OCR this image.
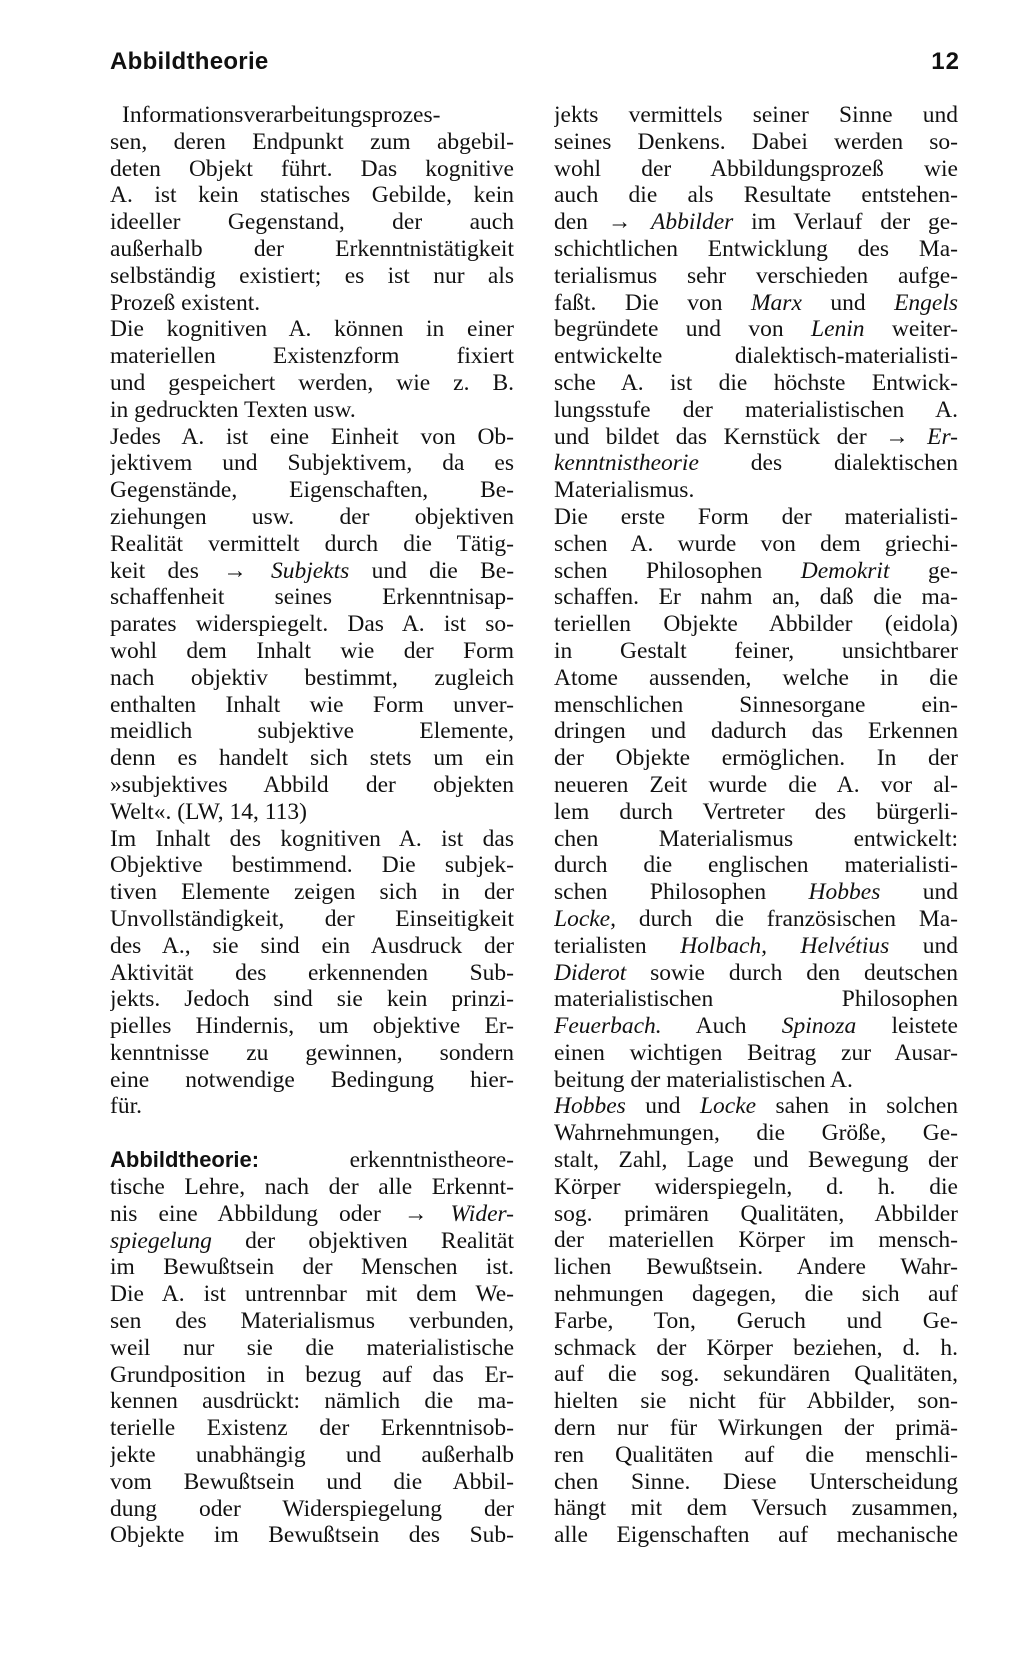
Abbildtheorie	12
Informationsverarbeitungsprozes-
sen, deren Endpunkt zum abgebil-
deten Objekt führt. Das kognitive
A. ist kein statisches Gebilde, kein
ideeller Gegenstand, der auch
außerhalb der Erkenntnistätigkeit
selbständig existiert; es ist nur als
Prozeß existent.
Die kognitiven A. können in einer
materiellen Existenzform fixiert
und gespeichert werden, wie z. B.
in gedruckten Texten usw.
Jedes A. ist eine Einheit von Ob-
jektivem und Subjektivem, da es
Gegenstände, Eigenschaften, Be-
ziehungen usw. der objektiven
Realität vermittelt durch die Tätig-
keit des → Subjekts und die Be-
schaffenheit seines Erkenntnisap-
parates widerspiegelt. Das A. ist so-
wohl dem Inhalt wie der Form
nach objektiv bestimmt, zugleich
enthalten Inhalt wie Form unver-
meidlich subjektive Elemente,
denn es handelt sich stets um ein
»subjektives Abbild der objekten
Welt«. (LW, 14, 113)
Im Inhalt des kognitiven A. ist das
Objektive bestimmend. Die subjek-
tiven Elemente zeigen sich in der
Unvollständigkeit, der Einseitigkeit
des A., sie sind ein Ausdruck der
Aktivität des erkennenden Sub-
jekts. Jedoch sind sie kein prinzi-
pielles Hindernis, um objektive Er-
kenntnisse zu gewinnen, sondern
eine notwendige Bedingung hier-
für.
Abbildtheorie:	erkenntnistheore-
tische Lehre, nach der alle Erkennt-
nis eine Abbildung oder → Wider-
spiegelung der objektiven Realität
im Bewußtsein der Menschen ist.
Die A. ist untrennbar mit dem We-
sen des Materialismus verbunden,
weil nur sie die materialistische
Grundposition in bezug auf das Er-
kennen ausdrückt: nämlich die ma-
terielle Existenz der Erkenntnisob-
jekte unabhängig und außerhalb
vom Bewußtsein und die Abbil-
dung oder Widerspiegelung der
Objekte im Bewußtsein des Sub-
jekts vermittels seiner Sinne und
seines Denkens. Dabei werden so-
wohl der Abbildungsprozeß wie
auch die als Resultate entstehen-
den → Abbilder im Verlauf der ge-
schichtlichen Entwicklung des Ma-
terialismus sehr verschieden aufge-
faßt. Die von Marx und Engels
begründete und von Lenin weiter-
entwickelte dialektisch-materialisti-
sche A. ist die höchste Entwick-
lungsstufe der materialistischen A.
und bildet das Kernstück der → Er-
kenntnistheorie des dialektischen
Materialismus.
Die erste Form der materialisti-
schen A. wurde von dem griechi-
schen Philosophen Demokrit ge-
schaffen. Er nahm an, daß die ma-
teriellen Objekte Abbilder (eidola)
in Gestalt feiner, unsichtbarer
Atome aussenden, welche in die
menschlichen Sinnesorgane ein-
dringen und dadurch das Erkennen
der Objekte ermöglichen. In der
neueren Zeit wurde die A. vor al-
lem durch Vertreter des bürgerli-
chen Materialismus entwickelt:
durch die englischen materialisti-
schen Philosophen Hobbes und
Locke, durch die französischen Ma-
terialisten Holbach, Helvétius und
Diderot sowie durch den deutschen
materialistischen Philosophen
Feuerbach. Auch Spinoza leistete
einen wichtigen Beitrag zur Ausar-
beitung der materialistischen A.
Hobbes und Locke sahen in solchen
Wahrnehmungen, die Größe, Ge-
stalt, Zahl, Lage und Bewegung der
Körper widerspiegeln, d. h. die
sog. primären Qualitäten, Abbilder
der materiellen Körper im mensch-
lichen Bewußtsein. Andere Wahr-
nehmungen dagegen, die sich auf
Farbe, Ton, Geruch und Ge-
schmack der Körper beziehen, d. h.
auf die sog. sekundären Qualitäten,
hielten sie nicht für Abbilder, son-
dern nur für Wirkungen der primä-
ren Qualitäten auf die menschli-
chen Sinne. Diese Unterscheidung
hängt mit dem Versuch zusammen,
alle Eigenschaften auf mechanische
